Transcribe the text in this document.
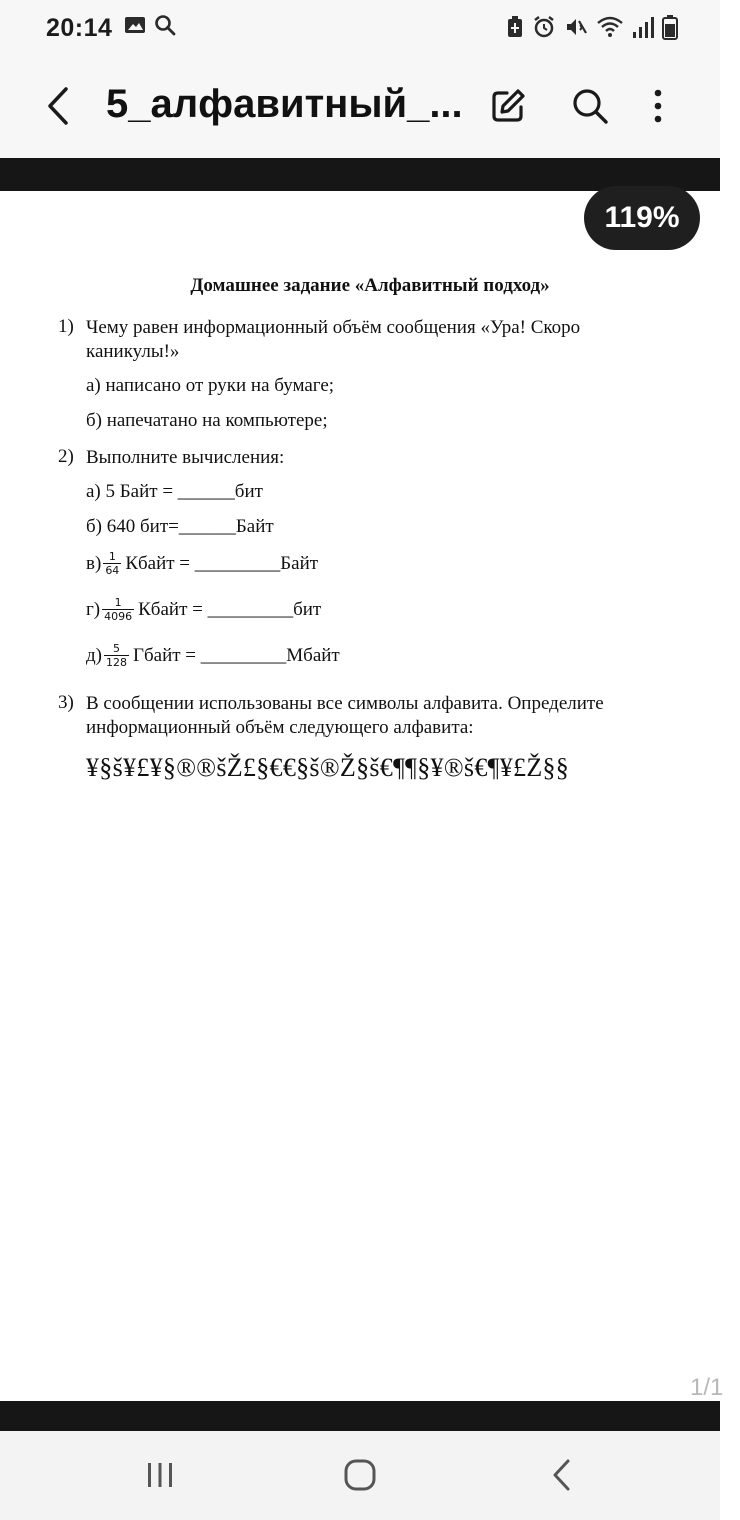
20:14
5_алфавитный_...
119%
Домашнее задание «Алфавитный подход»
1) Чему равен информационный объём сообщения «Ура! Скоро каникулы!»
а) написано от руки на бумаге;
б) напечатано на компьютере;
2) Выполните вычисления:
а) 5 Байт = ______бит
б) 640 бит=______Байт
$в) \frac{1}{64}$ Кбайт = _________Байт
$г) \frac{1}{4096}$ Кбайт = _________бит
$д) \frac{5}{128}$ Гбайт = _________Мбайт
3) В сообщении использованы все символы алфавита. Определите информационный объём следующего алфавита:
¥§š¥£¥§®®šŽ£§€€§š®Ž§š€¶¶§¥®š€¶¥£Ž§§
1/1
